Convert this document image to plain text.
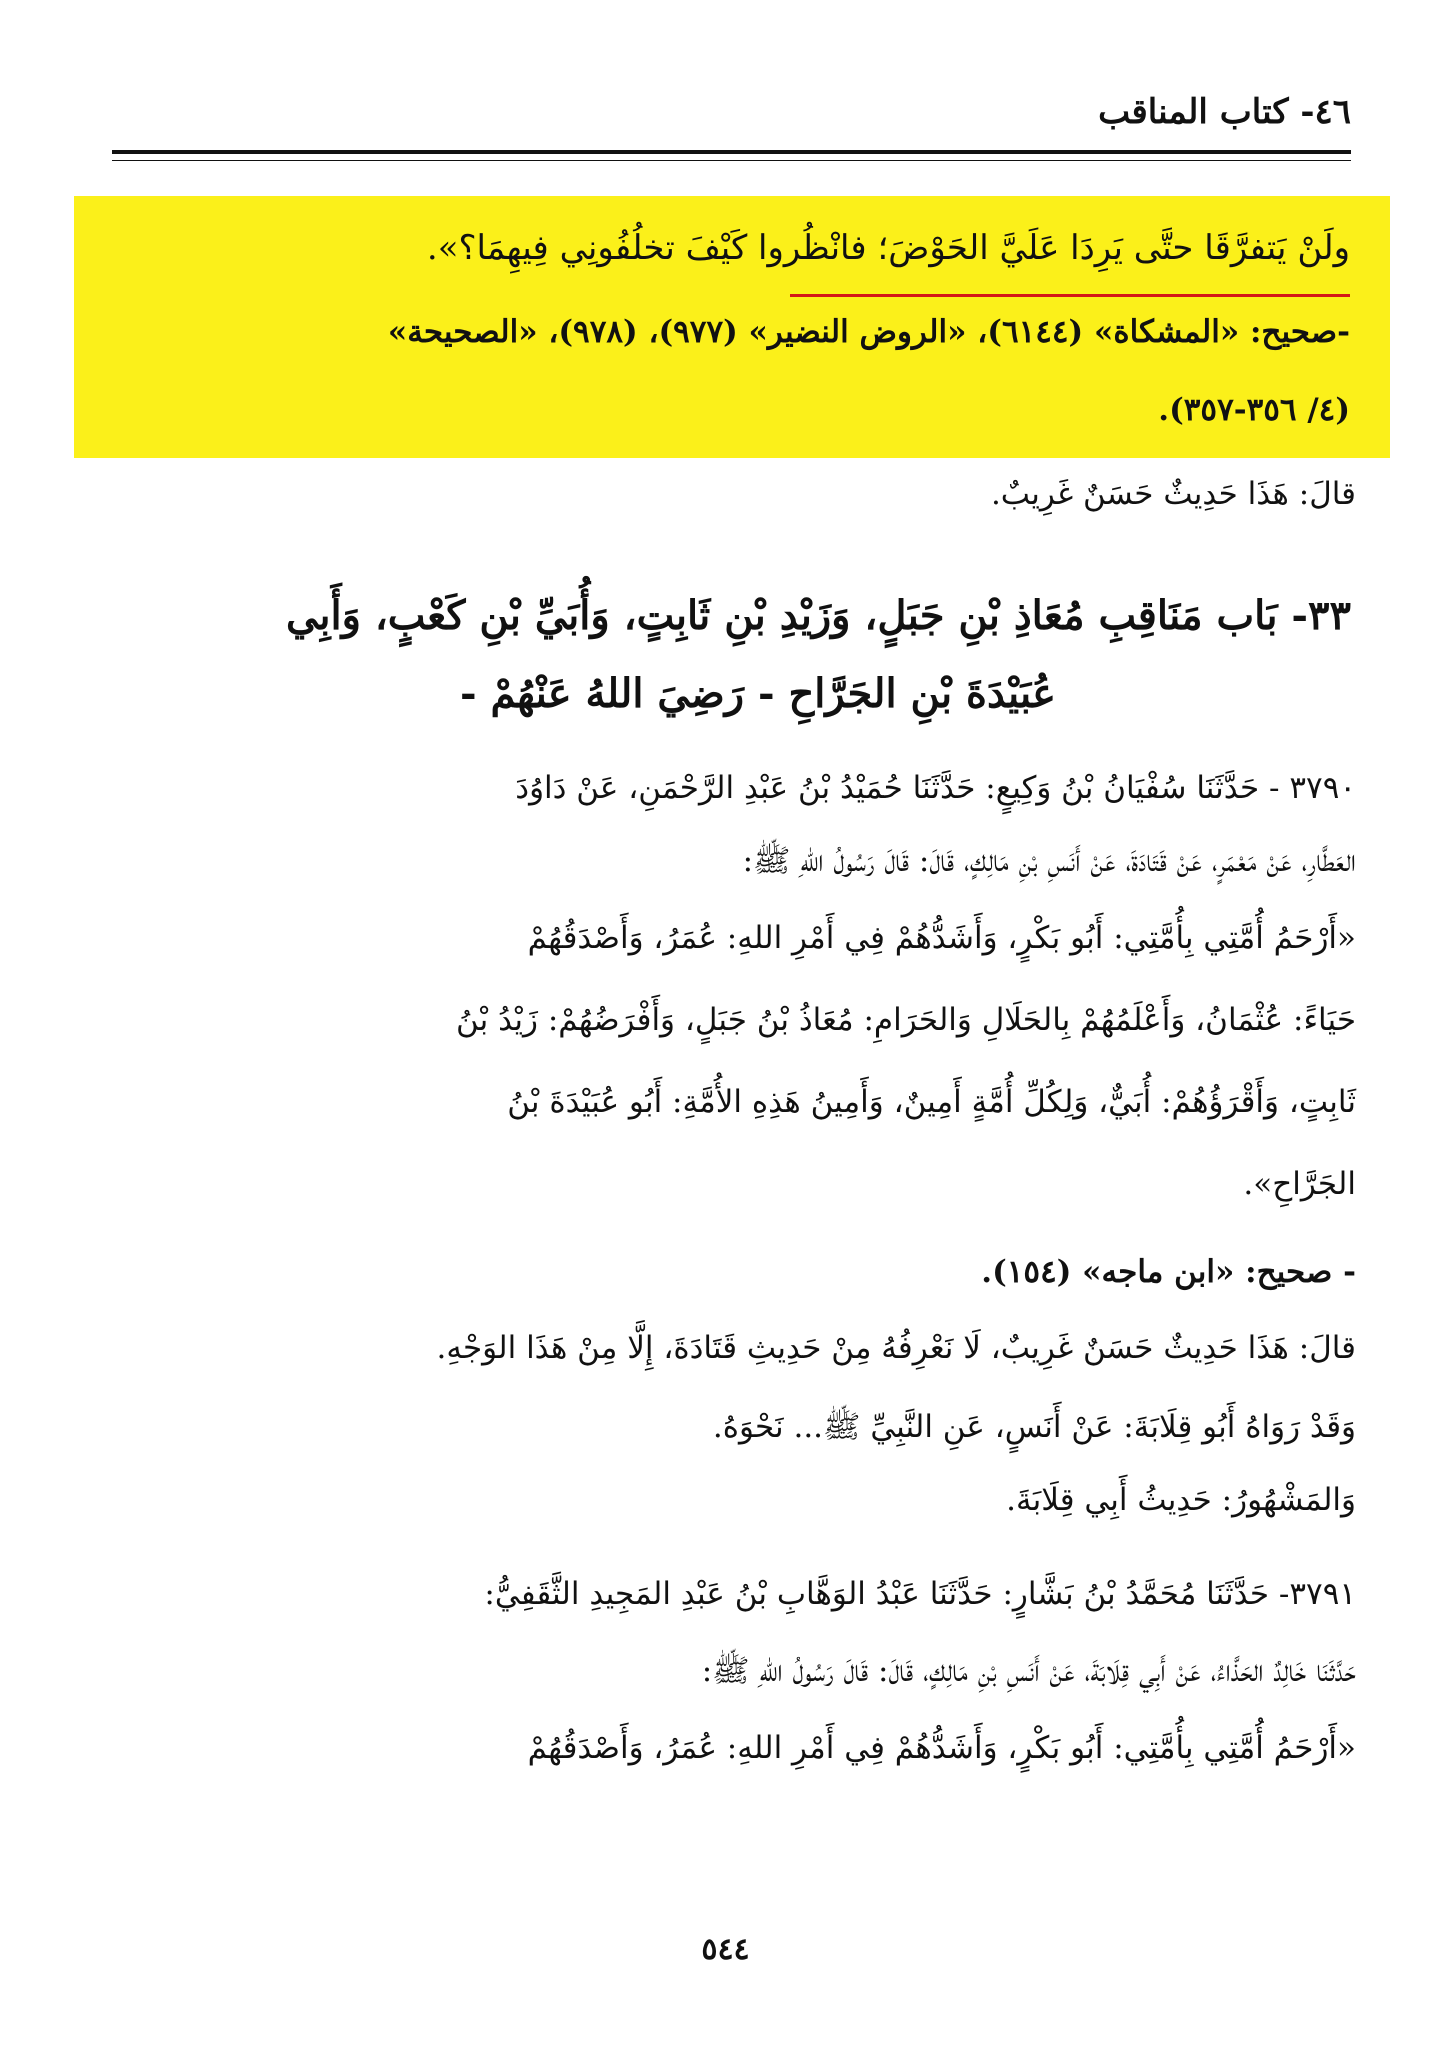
٤٦- كتاب المناقب
ولَنْ يَتفرَّقَا حتَّى يَرِدَا عَلَيَّ الحَوْضَ؛ فانْظُروا كَيْفَ تخلُفُونِي فِيهِمَا؟».
-صحيح: «المشكاة» (٦١٤٤)، «الروض النضير» (٩٧٧)، (٩٧٨)، «الصحيحة»
(٤/ ٣٥٦-٣٥٧).
قالَ: هَذَا حَدِيثٌ حَسَنٌ غَرِيبٌ.
٣٣- بَاب مَنَاقِبِ مُعَاذِ بْنِ جَبَلٍ، وَزَيْدِ بْنِ ثَابِتٍ، وَأُبَيِّ بْنِ كَعْبٍ، وَأَبِي
عُبَيْدَةَ بْنِ الجَرَّاحِ - رَضِيَ اللهُ عَنْهُمْ -
٣٧٩٠ - حَدَّثَنَا سُفْيَانُ بْنُ وَكِيعٍ: حَدَّثَنَا حُمَيْدُ بْنُ عَبْدِ الرَّحْمَنِ، عَنْ دَاوُدَ
العَطَّارِ، عَنْ مَعْمَرٍ، عَنْ قَتَادَةَ، عَنْ أَنَسِ بْنِ مَالِكٍ، قَالَ: قَالَ رَسُولُ اللهِ ﷺ:
«أَرْحَمُ أُمَّتِي بِأُمَّتِي: أَبُو بَكْرٍ، وَأَشَدُّهُمْ فِي أَمْرِ اللهِ: عُمَرُ، وَأَصْدَقُهُمْ
حَيَاءً: عُثْمَانُ، وَأَعْلَمُهُمْ بِالحَلَالِ وَالحَرَامِ: مُعَاذُ بْنُ جَبَلٍ، وَأَفْرَضُهُمْ: زَيْدُ بْنُ
ثَابِتٍ، وَأَقْرَؤُهُمْ: أُبَيٌّ، وَلِكُلِّ أُمَّةٍ أَمِينٌ، وَأَمِينُ هَذِهِ الأُمَّةِ: أَبُو عُبَيْدَةَ بْنُ
الجَرَّاحِ».
- صحيح: «ابن ماجه» (١٥٤).
قالَ: هَذَا حَدِيثٌ حَسَنٌ غَرِيبٌ، لَا نَعْرِفُهُ مِنْ حَدِيثِ قَتَادَةَ، إِلَّا مِنْ هَذَا الوَجْهِ.
وَقَدْ رَوَاهُ أَبُو قِلَابَةَ: عَنْ أَنَسٍ، عَنِ النَّبِيِّ ﷺ... نَحْوَهُ.
وَالمَشْهُورُ: حَدِيثُ أَبِي قِلَابَةَ.
٣٧٩١- حَدَّثَنَا مُحَمَّدُ بْنُ بَشَّارٍ: حَدَّثَنَا عَبْدُ الوَهَّابِ بْنُ عَبْدِ المَجِيدِ الثَّقَفِيُّ:
حَدَّثَنَا خَالِدٌ الحَذَّاءُ، عَنْ أَبِي قِلَابَةَ، عَنْ أَنَسِ بْنِ مَالِكٍ، قَالَ: قَالَ رَسُولُ اللهِ ﷺ:
«أَرْحَمُ أُمَّتِي بِأُمَّتِي: أَبُو بَكْرٍ، وَأَشَدُّهُمْ فِي أَمْرِ اللهِ: عُمَرُ، وَأَصْدَقُهُمْ
٥٤٤
